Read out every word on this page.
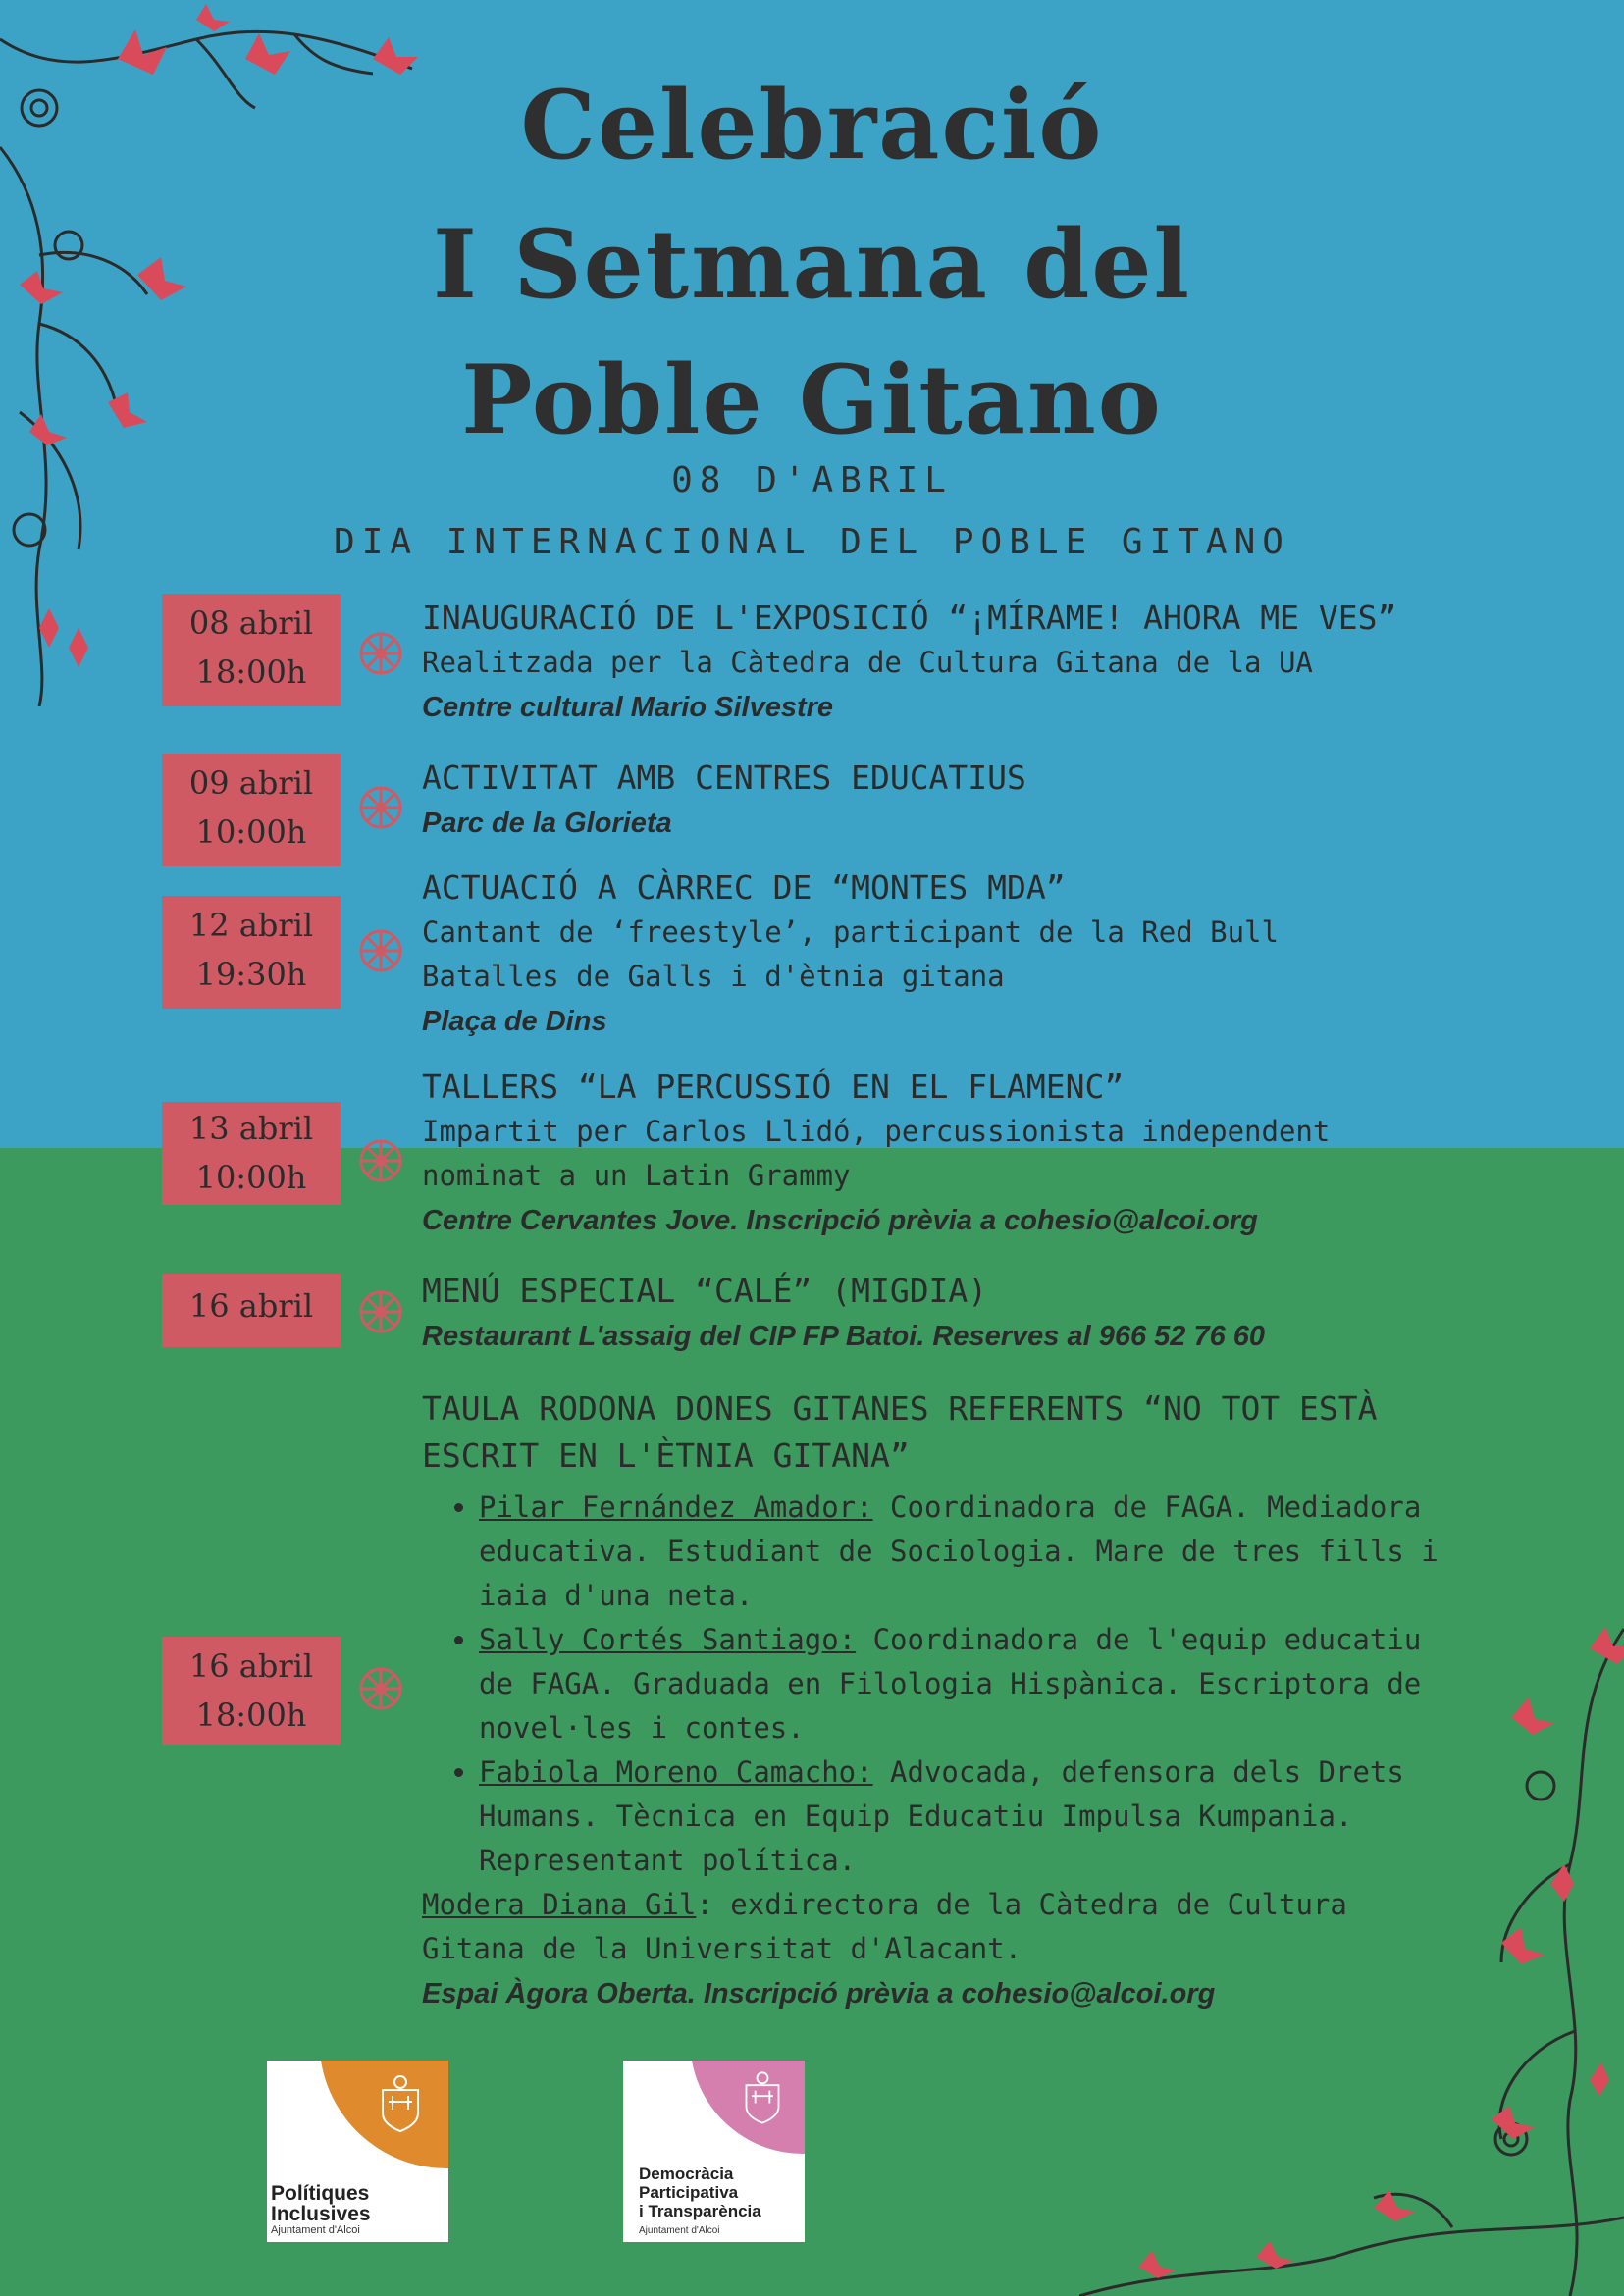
Celebració
I Setmana del
Poble Gitano
08 D'ABRIL
DIA INTERNACIONAL DEL POBLE GITANO
08 abril
18:00h
INAUGURACIÓ DE L'EXPOSICIÓ “¡MÍRAME! AHORA ME VES”
Realitzada per la Càtedra de Cultura Gitana de la UA
Centre cultural Mario Silvestre
09 abril
10:00h
ACTIVITAT AMB CENTRES EDUCATIUS
Parc de la Glorieta
12 abril
19:30h
ACTUACIÓ A CÀRREC DE “MONTES MDA”
Cantant de ‘freestyle’, participant de la Red Bull Batalles de Galls i d'ètnia gitana
Plaça de Dins
13 abril
10:00h
TALLERS “LA PERCUSSIÓ EN EL FLAMENC”
Impartit per Carlos Llidó, percussionista independent nominat a un Latin Grammy
Centre Cervantes Jove. Inscripció prèvia a cohesio@alcoi.org
16 abril	MENÚ ESPECIAL “CALÉ” (MIGDIA)
Restaurant L'assaig del CIP FP Batoi. Reserves al 966 52 76 60
16 abril
18:00h
TAULA RODONA DONES GITANES REFERENTS “NO TOT ESTÀ ESCRIT EN L'ÈTNIA GITANA”
• Pilar Fernández Amador: Coordinadora de FAGA. Mediadora educativa. Estudiant de Sociologia. Mare de tres fills i iaia d'una neta.
• Sally Cortés Santiago: Coordinadora de l'equip educatiu de FAGA. Graduada en Filologia Hispànica. Escriptora de novel·les i contes.
• Fabiola Moreno Camacho: Advocada, defensora dels Drets Humans. Tècnica en Equip Educatiu Impulsa Kumpania. Representant política.
Modera Diana Gil: exdirectora de la Càtedra de Cultura Gitana de la Universitat d'Alacant.
Espai Àgora Oberta. Inscripció prèvia a cohesio@alcoi.org
Polítiques
Inclusives
Ajuntament d'Alcoi
Democràcia
Participativa
i Transparència
Ajuntament d'Alcoi
